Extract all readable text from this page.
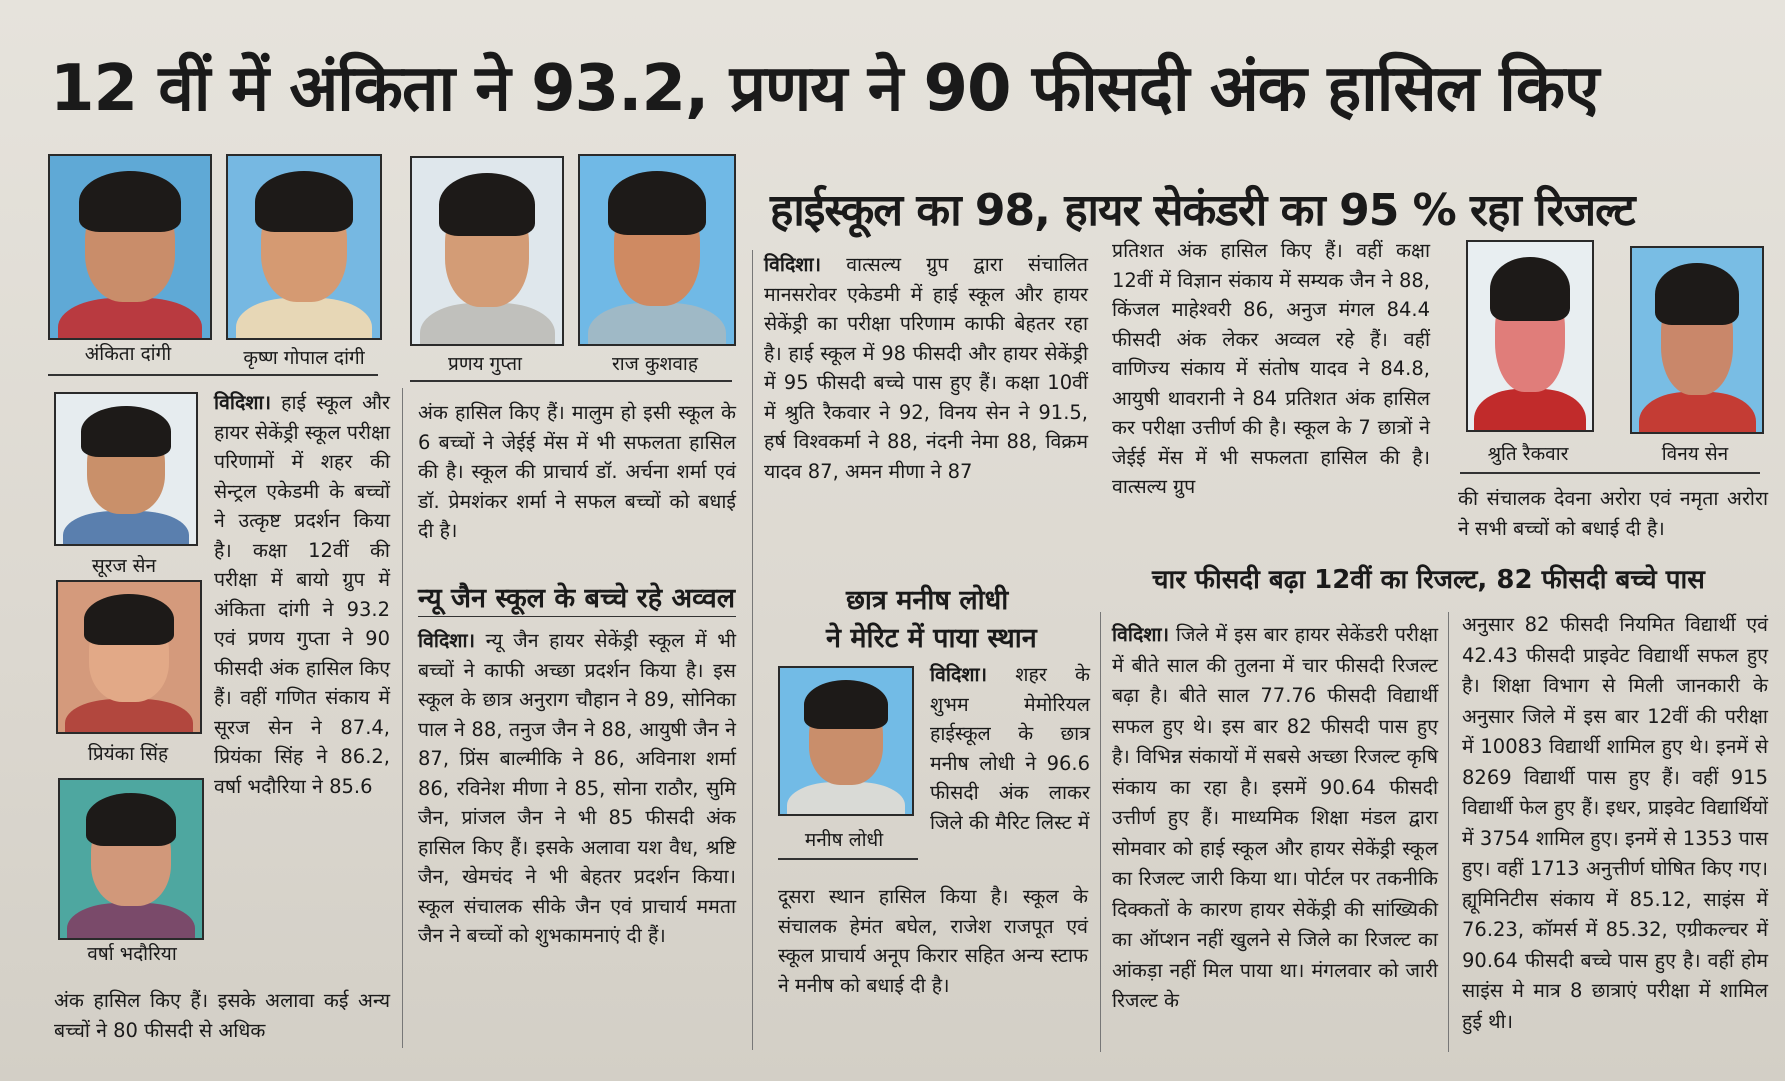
12 वीं में अंकिता ने 93.2, प्रणय ने 90 फीसदी अंक हासिल किए
अंकिता दांगी	कृष्ण गोपाल दांगी	प्रणय गुप्ता	राज कुशवाह
सूरज सेन
प्रियंका सिंह
वर्षा भदौरिया

विदिशा। हाई स्कूल और हायर सेकेंड्री स्कूल परीक्षा परिणामों में शहर की सेन्ट्रल एकेडमी के बच्चों ने उत्कृष्ट प्रदर्शन किया है। कक्षा 12वीं की परीक्षा में बायो ग्रुप में अंकिता दांगी ने 93.2 एवं प्रणय गुप्ता ने 90 फीसदी अंक हासिल किए हैं। वहीं गणित संकाय में सूरज सेन ने 87.4, प्रियंका सिंह ने 86.2, वर्षा भदौरिया ने 85.6

अंक हासिल किए हैं। इसके अलावा कई अन्य बच्चों ने 80 फीसदी से अधिक
अंक हासिल किए हैं। मालुम हो इसी स्कूल के 6 बच्चों ने जेईई मेंस में भी सफलता हासिल की है। स्कूल की प्राचार्य डॉ. अर्चना शर्मा एवं डॉ. प्रेमशंकर शर्मा ने सफल बच्चों को बधाई दी है।
न्यू जैन स्कूल के बच्चे रहे अव्वल

विदिशा। न्यू जैन हायर सेकेंड्री स्कूल में भी बच्चों ने काफी अच्छा प्रदर्शन किया है। इस स्कूल के छात्र अनुराग चौहान ने 89, सोनिका पाल ने 88, तनुज जैन ने 88, आयुषी जैन ने 87, प्रिंस बाल्मीकि ने 86, अविनाश शर्मा 86, रविनेश मीणा ने 85, सोना राठौर, सुमि जैन, प्रांजल जैन ने भी 85 फीसदी अंक हासिल किए हैं। इसके अलावा यश वैध, श्रष्टि जैन, खेमचंद ने भी बेहतर प्रदर्शन किया। स्कूल संचालक सीके जैन एवं प्राचार्य ममता जैन ने बच्चों को शुभकामनाएं दी हैं।

हाईस्कूल का 98, हायर सेकंडरी का 95 % रहा रिजल्ट

विदिशा। वात्सल्य ग्रुप द्वारा संचालित मानसरोवर एकेडमी में हाई स्कूल और हायर सेकेंड्री का परीक्षा परिणाम काफी बेहतर रहा है। हाई स्कूल में 98 फीसदी और हायर सेकेंड्री में 95 फीसदी बच्चे पास हुए हैं। कक्षा 10वीं में श्रुति रैकवार ने 92, विनय सेन ने 91.5, हर्ष विश्वकर्मा ने 88, नंदनी नेमा 88, विक्रम यादव 87, अमन मीणा ने 87

प्रतिशत अंक हासिल किए हैं। वहीं कक्षा 12वीं में विज्ञान संकाय में सम्यक जैन ने 88, किंजल माहेश्वरी 86, अनुज मंगल 84.4 फीसदी अंक लेकर अव्वल रहे हैं। वहीं वाणिज्य संकाय में संतोष यादव ने 84.8, आयुषी थावरानी ने 84 प्रतिशत अंक हासिल कर परीक्षा उत्तीर्ण की है। स्कूल के 7 छात्रों ने जेईई मेंस में भी सफलता हासिल की है। वात्सल्य ग्रुप
श्रुति रैकवार	विनय सेन
की संचालक देवना अरोरा एवं नमृता अरोरा ने सभी बच्चों को बधाई दी है।
छात्र मनीष लोधी
ने मेरिट में पाया स्थान
मनीष लोधी

विदिशा। शहर के शुभम मेमोरियल हाईस्कूल के छात्र मनीष लोधी ने 96.6 फीसदी अंक लाकर जिले की मैरिट लिस्ट में

दूसरा स्थान हासिल किया है। स्कूल के संचालक हेमंत बघेल, राजेश राजपूत एवं स्कूल प्राचार्य अनूप किरार सहित अन्य स्टाफ ने मनीष को बधाई दी है।
चार फीसदी बढ़ा 12वीं का रिजल्ट, 82 फीसदी बच्चे पास

विदिशा। जिले में इस बार हायर सेकेंडरी परीक्षा में बीते साल की तुलना में चार फीसदी रिजल्ट बढ़ा है। बीते साल 77.76 फीसदी विद्यार्थी सफल हुए थे। इस बार 82 फीसदी पास हुए है। विभिन्न संकायों में सबसे अच्छा रिजल्ट कृषि संकाय का रहा है। इसमें 90.64 फीसदी उत्तीर्ण हुए हैं। माध्यमिक शिक्षा मंडल द्वारा सोमवार को हाई स्कूल और हायर सेकेंड्री स्कूल का रिजल्ट जारी किया था। पोर्टल पर तकनीकि दिक्कतों के कारण हायर सेकेंड्री की सांख्यिकी का ऑप्शन नहीं खुलने से जिले का रिजल्ट का आंकड़ा नहीं मिल पाया था। मंगलवार को जारी रिजल्ट के

अनुसार 82 फीसदी नियमित विद्यार्थी एवं 42.43 फीसदी प्राइवेट विद्यार्थी सफल हुए है। शिक्षा विभाग से मिली जानकारी के अनुसार जिले में इस बार 12वीं की परीक्षा में 10083 विद्यार्थी शामिल हुए थे। इनमें से 8269 विद्यार्थी पास हुए हैं। वहीं 915 विद्यार्थी फेल हुए हैं। इधर, प्राइवेट विद्यार्थियों में 3754 शामिल हुए। इनमें से 1353 पास हुए। वहीं 1713 अनुत्तीर्ण घोषित किए गए। ह्यूमिनिटीस संकाय में 85.12, साइंस में 76.23, कॉमर्स में 85.32, एग्रीकल्चर में 90.64 फीसदी बच्चे पास हुए है। वहीं होम साइंस मे मात्र 8 छात्राएं परीक्षा में शामिल हुई थी।
